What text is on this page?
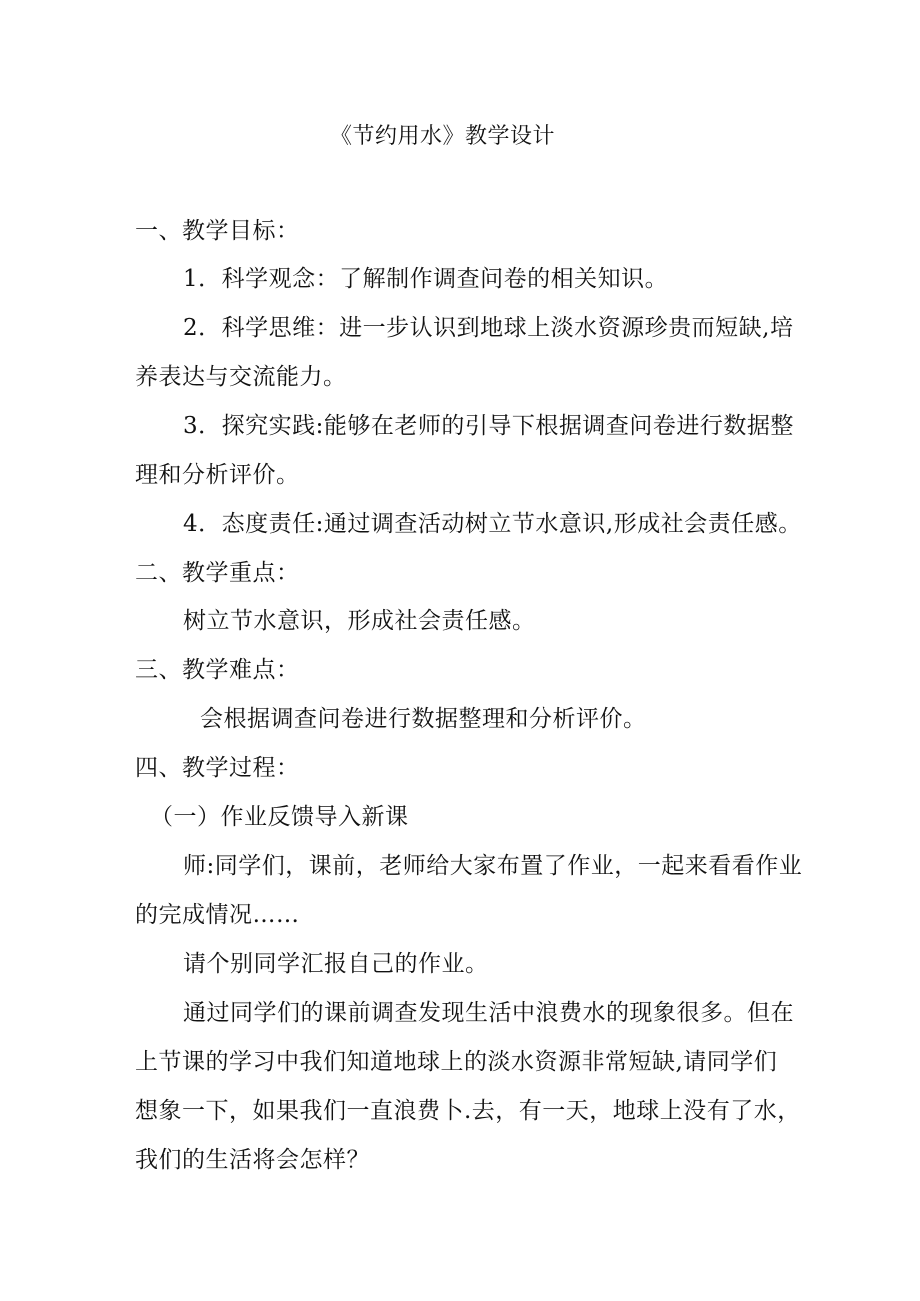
《节约用水》教学设计
一、教学目标：
1．科学观念：了解制作调查问卷的相关知识。
2．科学思维：进一步认识到地球上淡水资源珍贵而短缺,培
养表达与交流能力。
3．探究实践:能够在老师的引导下根据调查问卷进行数据整
理和分析评价。
4．态度责任:通过调查活动树立节水意识,形成社会责任感。
二、教学重点：
树立节水意识，形成社会责任感。
三、教学难点：
会根据调查问卷进行数据整理和分析评价。
四、教学过程：
（一）作业反馈导入新课
师:同学们，课前，老师给大家布置了作业，一起来看看作业
的完成情况……
请个别同学汇报自己的作业。
通过同学们的课前调查发现生活中浪费水的现象很多。但在
上节课的学习中我们知道地球上的淡水资源非常短缺,请同学们
想象一下，如果我们一直浪费卜.去，有一天，地球上没有了水，
我们的生活将会怎样？
